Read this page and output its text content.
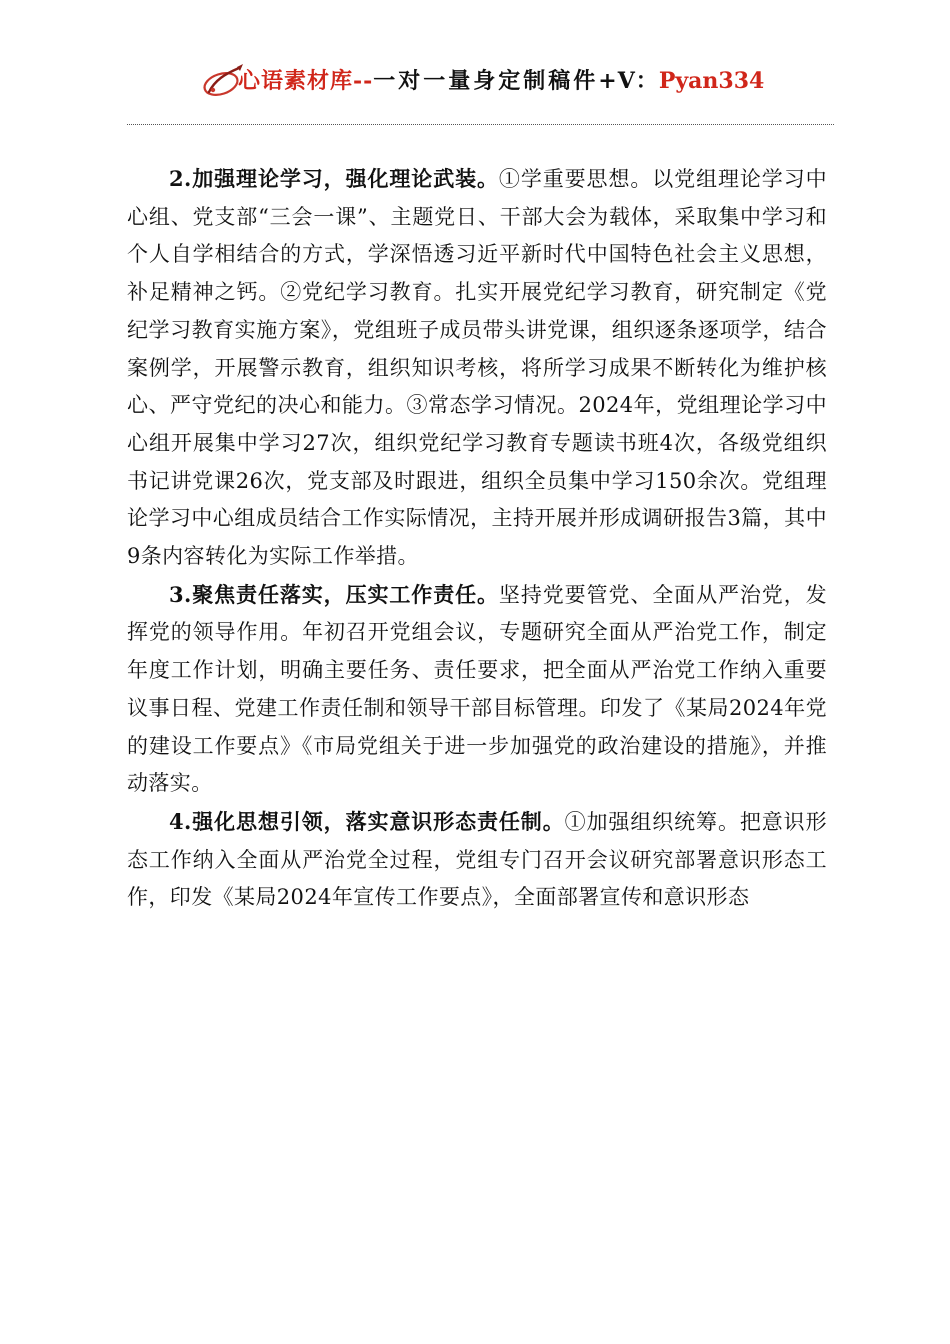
心语素材库--一对一量身定制稿件+V：Pyan334

2.加强理论学习，强化理论武装。①学重要思想。以党组理论学习中心组、党支部“三会一课”、主题党日、干部大会为载体，采取集中学习和个人自学相结合的方式，学深悟透习近平新时代中国特色社会主义思想，补足精神之钙。②党纪学习教育。扎实开展党纪学习教育，研究制定《党纪学习教育实施方案》，党组班子成员带头讲党课，组织逐条逐项学，结合案例学，开展警示教育，组织知识考核，将所学习成果不断转化为维护核心、严守党纪的决心和能力。③常态学习情况。2024年，党组理论学习中心组开展集中学习27次，组织党纪学习教育专题读书班4次，各级党组织书记讲党课26次，党支部及时跟进，组织全员集中学习150余次。党组理论学习中心组成员结合工作实际情况，主持开展并形成调研报告3篇，其中9条内容转化为实际工作举措。

3.聚焦责任落实，压实工作责任。坚持党要管党、全面从严治党，发挥党的领导作用。年初召开党组会议，专题研究全面从严治党工作，制定年度工作计划，明确主要任务、责任要求，把全面从严治党工作纳入重要议事日程、党建工作责任制和领导干部目标管理。印发了《某局2024年党的建设工作要点》《市局党组关于进一步加强党的政治建设的措施》，并推动落实。

4.强化思想引领，落实意识形态责任制。①加强组织统筹。把意识形态工作纳入全面从严治党全过程，党组专门召开会议研究部署意识形态工作，印发《某局2024年宣传工作要点》，全面部署宣传和意识形态
